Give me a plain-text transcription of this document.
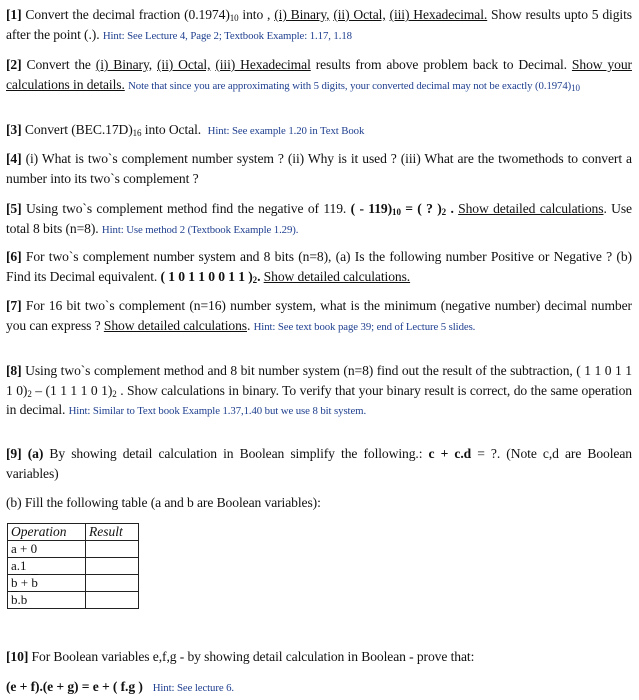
[1] Convert the decimal fraction $(0.1974)_{10}$ into , (i) Binary, (ii) Octal, (iii) Hexadecimal. Show results upto 5 digits after the point (.). Hint: See Lecture 4, Page 2; Textbook Example: 1.17, 1.18
[2] Convert the (i) Binary, (ii) Octal, (iii) Hexadecimal results from above problem back to Decimal. Show your calculations in details. Note that since you are approximating with 5 digits, your converted decimal may not be exactly $(0.1974)_{10}$
[3] Convert $(BEC.17D)_{16}$ into Octal. Hint: See example 1.20 in Text Book
[4] (i) What is two`s complement number system ? (ii) Why is it used ? (iii) What are the twomethods to convert a number into its two`s complement ?
[5] Using two`s complement method find the negative of 119. ( - $119)_{10}$ = ( ? )$_2$ . Show detailed calculations. Use total 8 bits (n=8). Hint: Use method 2 (Textbook Example 1.29).
[6] For two`s complement number system and 8 bits (n=8), (a) Is the following number Positive or Negative ? (b) Find its Decimal equivalent. ( 1 0 1 1 0 0 1 1 )$_2$. Show detailed calculations.
[7] For 16 bit two`s complement (n=16) number system, what is the minimum (negative number) decimal number you can express ? Show detailed calculations. Hint: See text book page 39; end of Lecture 5 slides.
[8] Using two`s complement method and 8 bit number system (n=8) find out the result of the subtraction, ( 1 1 0 1 1 1 $0)_2 - (1$ 1 1 1 0 $1)_2$ . Show calculations in binary. To verify that your binary result is correct, do the same operation in decimal. Hint: Similar to Text book Example 1.37,1.40 but we use 8 bit system.
[9] (a) By showing detail calculation in Boolean simplify the following.: c + c.d = ?. (Note c,d are Boolean variables)
(b) Fill the following table (a and b are Boolean variables):
Operation	Result
a + 0	
a.1	
$b + \overline{b}$	
$\overline{b}.b$	
[10] For Boolean variables e,f,g - by showing detail calculation in Boolean - prove that:
(e + f).(e + g) = e + ( f.g ) Hint: See lecture 6.
